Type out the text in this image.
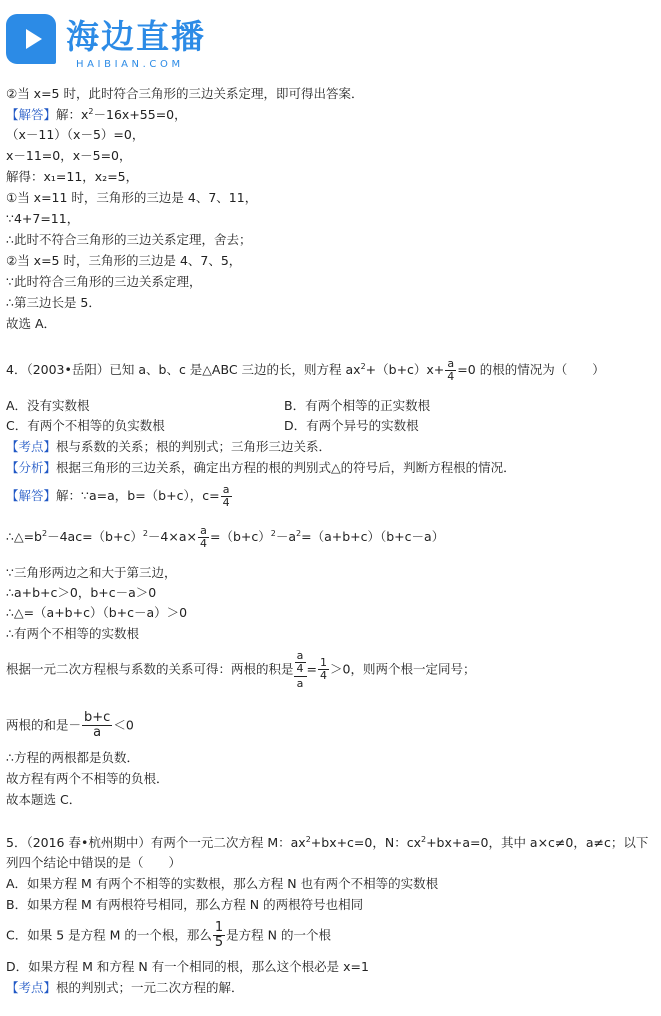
海边直播
HAIBIAN.COM
②当 x=5 时，此时符合三角形的三边关系定理，即可得出答案．
【解答】解：$x^2-16x+55=0$，
（x－11）（x－5）=0，
x－11=0，x－5=0，
解得：x₁=11，x₂=5，
①当 x=11 时，三角形的三边是 4、7、11，
∵4+7=11，
∴此时不符合三角形的三边关系定理，舍去；
②当 x=5 时，三角形的三边是 4、7、5，
∵此时符合三角形的三边关系定理，
∴第三边长是 5．
故选 A．
4．（2003•岳阳）已知 a、b、c 是△ABC 三边的长，则方程 $ax^2+(b+c)x+ \frac{a}{4} =0$ 的根的情况为（　　）
A．没有实数根	B．有两个相等的正实数根
C．有两个不相等的负实数根	D．有两个异号的实数根
【考点】根与系数的关系；根的判别式；三角形三边关系．
【分析】根据三角形的三边关系，确定出方程的根的判别式△的符号后，判断方程根的情况．
【解答】解：∵a=a，b=（b+c），$c= \frac{a}{4}$
$\therefore\triangle=b^2-4ac=(b+c)^2-4\times a\times \frac{a}{4} =(b+c)^2-a^2=(a+b+c)(b+c-a)$
∵三角形两边之和大于第三边，
∴a+b+c＞0，b+c－a＞0
∴△=（a+b+c）（b+c－a）＞0
∴有两个不相等的实数根
根据一元二次方程根与系数的关系可得：两根的积是 $\frac{\frac{a}{4}}{a} = \frac{1}{4} >0$，则两个根一定同号；
两根的和是－ $\frac{b+c}{a} <0$
∴方程的两根都是负数．
故方程有两个不相等的负根．
故本题选 C．
5．（2016 春•杭州期中）有两个一元二次方程 M：$ax^2+bx+c=0$，N：$cx^2+bx+a=0$，其中 a×c≠0，a≠c；以下
列四个结论中错误的是（　　）
A．如果方程 M 有两个不相等的实数根，那么方程 N 也有两个不相等的实数根
B．如果方程 M 有两根符号相同，那么方程 N 的两根符号也相同
C．如果 5 是方程 M 的一个根，那么 $\frac{1}{5}$ 是方程 N 的一个根
D．如果方程 M 和方程 N 有一个相同的根，那么这个根必是 x=1
【考点】根的判别式；一元二次方程的解．
